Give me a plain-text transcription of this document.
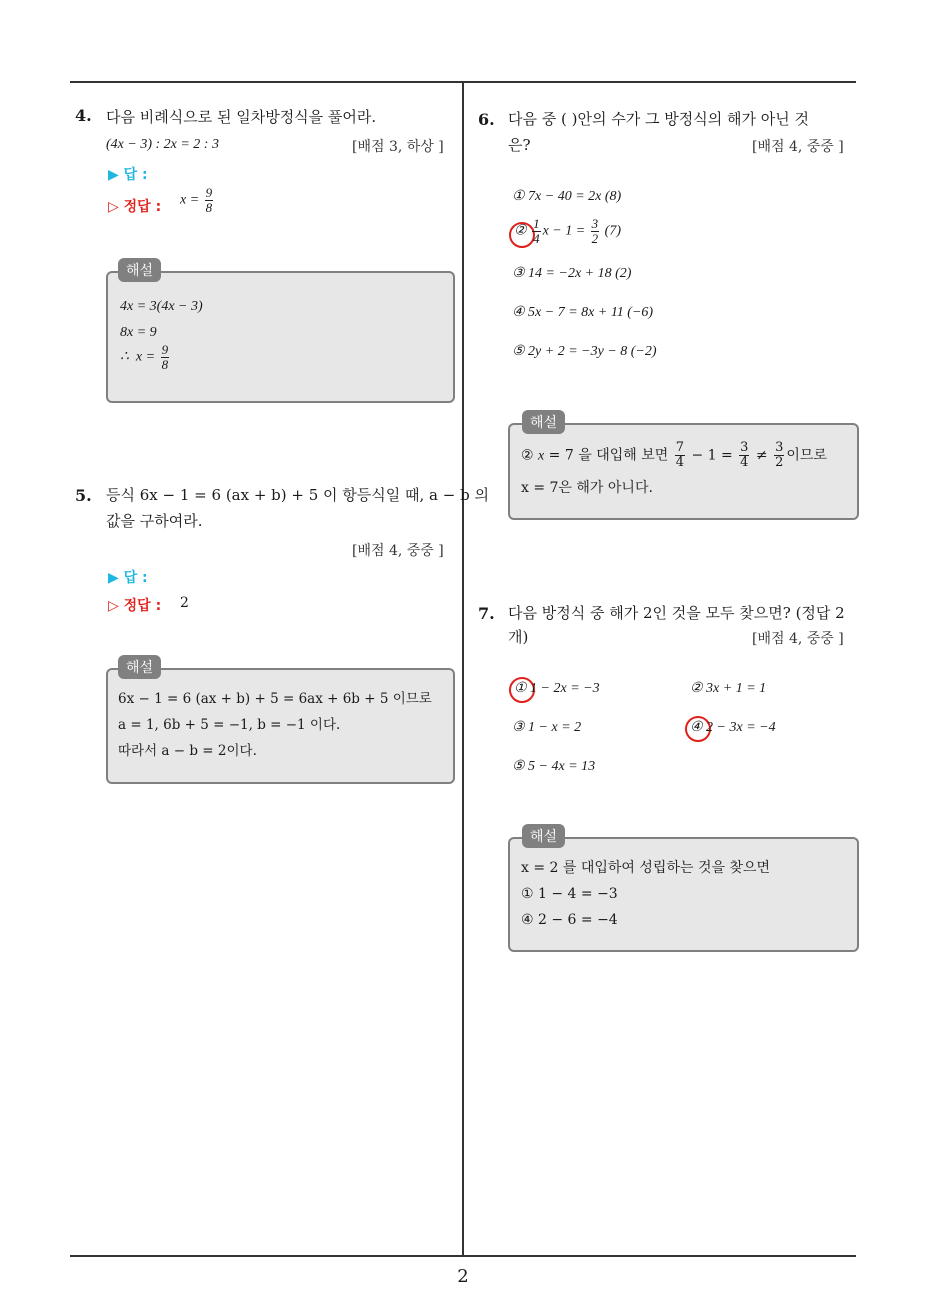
4. 다음 비례식으로 된 일차방정식을 풀어라.
(4x − 3) : 2x = 2 : 3	[배점 3, 하상 ]
▶ 답 :
▷ 정답 : $x = \frac{9}{8}$
해설
4x = 3(4x − 3)
8x = 9
∴  $x = \frac{9}{8}$
5. 등식 6x − 1 = 6 (ax + b) + 5 이 항등식일 때, a − b 의
값을 구하여라.
[배점 4, 중중 ]
▶ 답 :
▷ 정답 : 2
해설
6x − 1 = 6 (ax + b) + 5 = 6ax + 6b + 5 이므로
a = 1, 6b + 5 = −1, b = −1 이다.
따라서 a − b = 2이다.
6. 다음 중 ( )안의 수가 그 방정식의 해가 아닌 것
은?	[배점 4, 중중 ]
① 7x − 40 = 2x (8)
② $\frac{1}{4}$ $x - 1 = \frac{3}{2} (7)$
③ 14 = −2x + 18 (2)
④ 5x − 7 = 8x + 11 (−6)
⑤ 2y + 2 = −3y − 8 (−2)
해설
② x = 7 을 대입해 보면 $\frac{7}{4} - 1 = \frac{3}{4} \ne \frac{3}{2}$ 이므로
x = 7은 해가 아니다.
7. 다음 방정식 중 해가 2인 것을 모두 찾으면? (정답 2
개)	[배점 4, 중중 ]
① 1 − 2x = −3	② 3x + 1 = 1
③ 1 − x = 2	④ 2 − 3x = −4
⑤ 5 − 4x = 13
해설
x = 2 를 대입하여 성립하는 것을 찾으면
① 1 − 4 = −3
④ 2 − 6 = −4
2
